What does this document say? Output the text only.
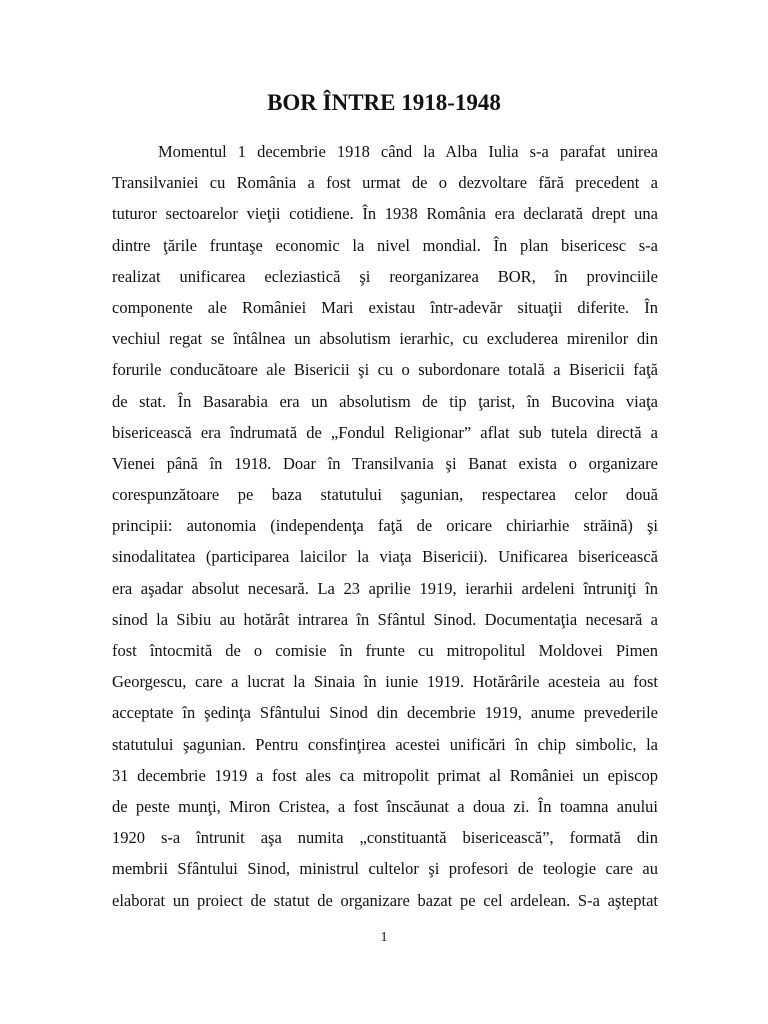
BOR ÎNTRE 1918-1948
Momentul 1 decembrie 1918 când la Alba Iulia s-a parafat unirea
Transilvaniei cu România a fost urmat de o dezvoltare fără precedent a
tuturor sectoarelor vieţii cotidiene. În 1938 România era declarată drept una
dintre ţările fruntaşe economic la nivel mondial. În plan bisericesc s-a
realizat unificarea ecleziastică şi reorganizarea BOR, în provinciile
componente ale României Mari existau într-adevăr situaţii diferite. În
vechiul regat se întâlnea un absolutism ierarhic, cu excluderea mirenilor din
forurile conducătoare ale Bisericii şi cu o subordonare totală a Bisericii faţă
de stat. În Basarabia era un absolutism de tip ţarist, în Bucovina viaţa
bisericească era îndrumată de „Fondul Religionar” aflat sub tutela directă a
Vienei până în 1918. Doar în Transilvania şi Banat exista o organizare
corespunzătoare pe baza statutului şagunian, respectarea celor două
principii: autonomia (independenţa faţă de oricare chiriarhie străină) şi
sinodalitatea (participarea laicilor la viaţa Bisericii). Unificarea bisericească
era aşadar absolut necesară. La 23 aprilie 1919, ierarhii ardeleni întruniţi în
sinod la Sibiu au hotărât intrarea în Sfântul Sinod. Documentaţia necesară a
fost întocmită de o comisie în frunte cu mitropolitul Moldovei Pimen
Georgescu, care a lucrat la Sinaia în iunie 1919. Hotărârile acesteia au fost
acceptate în şedinţa Sfântului Sinod din decembrie 1919, anume prevederile
statutului şagunian. Pentru consfinţirea acestei unificări în chip simbolic, la
31 decembrie 1919 a fost ales ca mitropolit primat al României un episcop
de peste munţi, Miron Cristea, a fost înscăunat a doua zi. În toamna anului
1920 s-a întrunit aşa numita „constituantă bisericească”, formată din
membrii Sfântului Sinod, ministrul cultelor şi profesori de teologie care au
elaborat un proiect de statut de organizare bazat pe cel ardelean. S-a aşteptat
1
